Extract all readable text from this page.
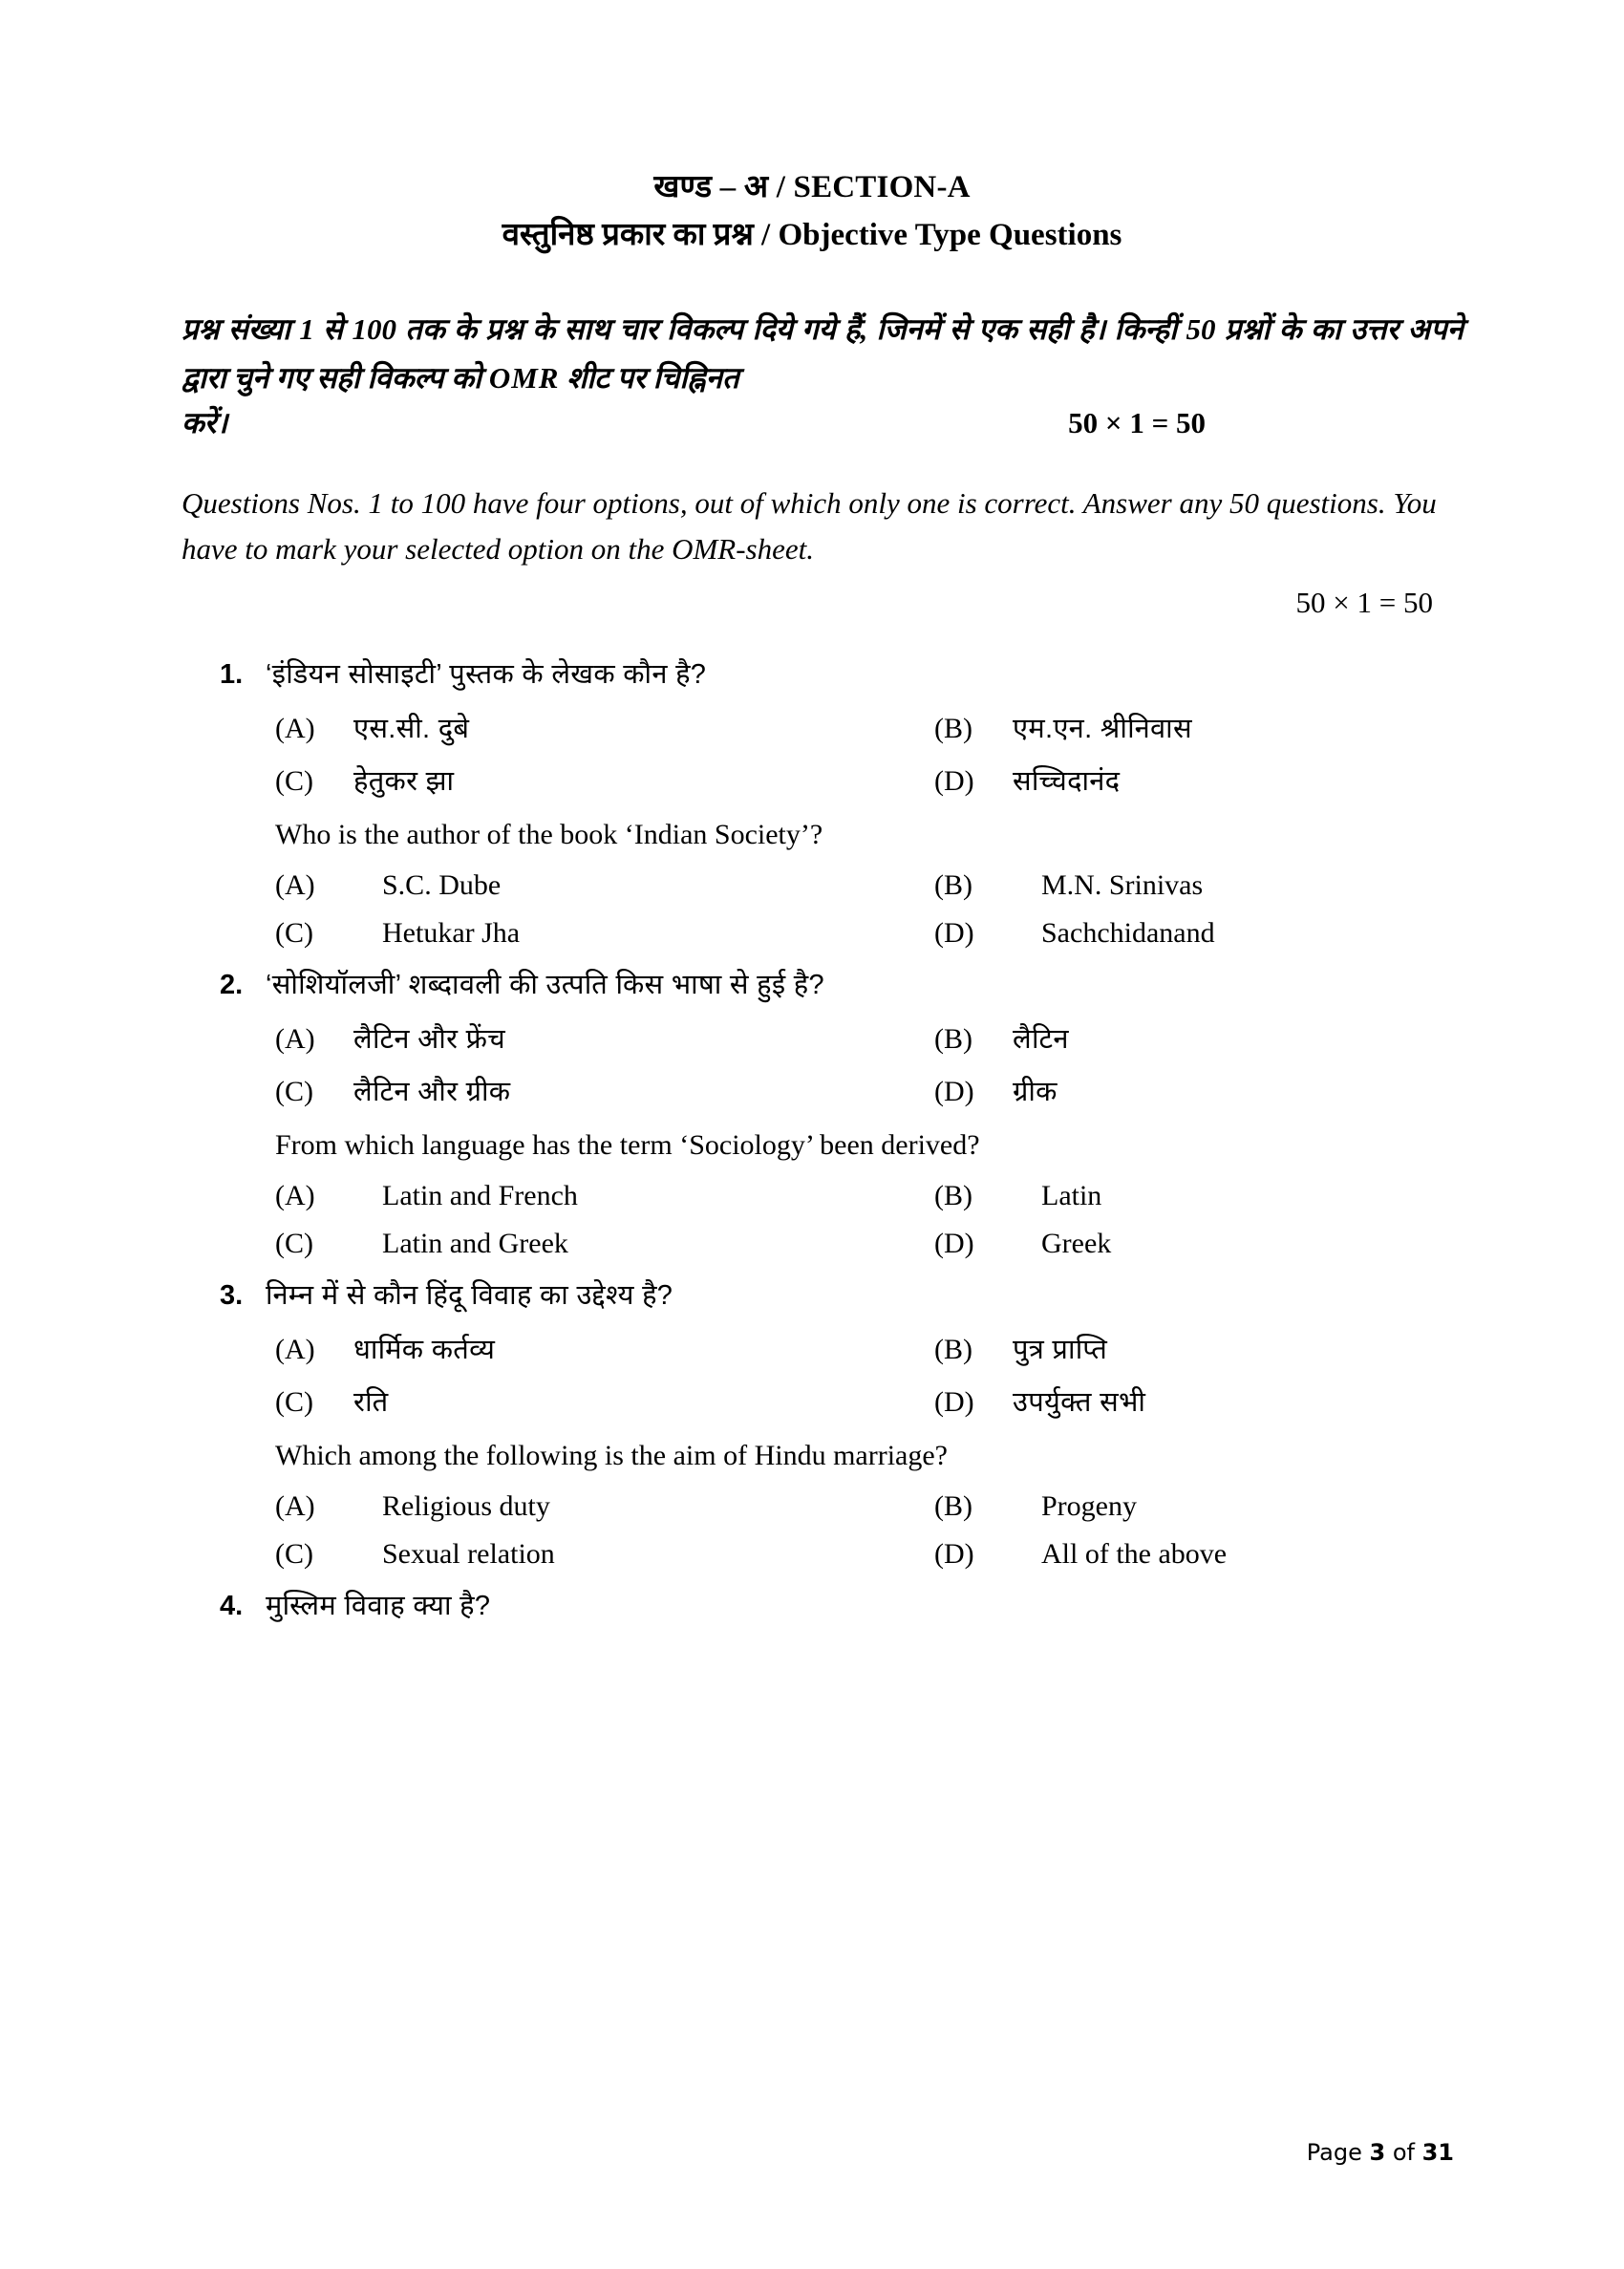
खण्ड – अ / SECTION-A
वस्तुनिष्ठ प्रकार का प्रश्न / Objective Type Questions
प्रश्न संख्या 1 से 100 तक के प्रश्न के साथ चार विकल्प दिये गये हैं, जिनमें से एक सही है। किन्हीं 50 प्रश्नों के का उत्तर अपने द्वारा चुने गए सही विकल्प को OMR शीट पर चिह्निनत
करें।	50 × 1 = 50
Questions Nos. 1 to 100 have four options, out of which only one is correct. Answer any 50 questions. You have to mark your selected option on the OMR-sheet.
50 × 1 = 50
1. ‘इंडियन सोसाइटी’ पुस्तक के लेखक कौन है?
(A)	एस.सी. दुबे	(B)	एम.एन. श्रीनिवास
(C)	हेतुकर झा	(D)	सच्चिदानंद
Who is the author of the book ‘Indian Society’?
(A)	S.C. Dube	(B)	M.N. Srinivas
(C)	Hetukar Jha	(D)	Sachchidanand
2. ‘सोशियॉलजी’ शब्दावली की उत्पति किस भाषा से हुई है?
(A)	लैटिन और फ्रेंच	(B)	लैटिन
(C)	लैटिन और ग्रीक	(D)	ग्रीक
From which language has the term ‘Sociology’ been derived?
(A)	Latin and French	(B)	Latin
(C)	Latin and Greek	(D)	Greek
3. निम्न में से कौन हिंदू विवाह का उद्देश्य है?
(A)	धार्मिक कर्तव्य	(B)	पुत्र प्राप्ति
(C)	रति	(D)	उपर्युक्त सभी
Which among the following is the aim of Hindu marriage?
(A)	Religious duty	(B)	Progeny
(C)	Sexual relation	(D)	All of the above
4. मुस्लिम विवाह क्या है?
Page 3 of 31
